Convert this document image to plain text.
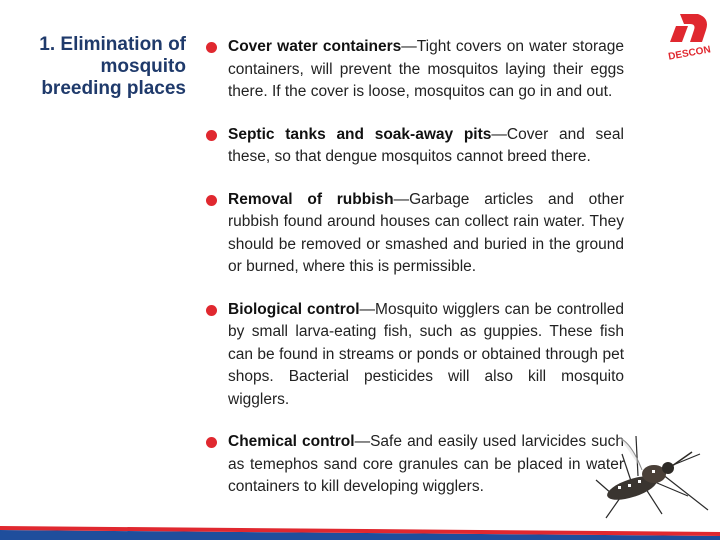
1. Elimination of
mosquito
breeding places
DESCON
Cover water containers—Tight covers on water storage containers, will prevent the mosquitos laying their eggs there. If the cover is loose, mosquitos can go in and out.
Septic tanks and soak-away pits—Cover and seal these, so that dengue mosquitos cannot breed there.
Removal of rubbish—Garbage articles and other rubbish found around houses can collect rain water. They should be removed or smashed and buried in the ground or burned, where this is permissible.
Biological control—Mosquito wigglers can be controlled by small larva-eating fish, such as guppies. These fish can be found in streams or ponds or obtained through pet shops. Bacterial pesticides will also kill mosquito wigglers.
Chemical control—Safe and easily used larvicides such as temephos sand core granules can be placed in water containers to kill developing wigglers.
